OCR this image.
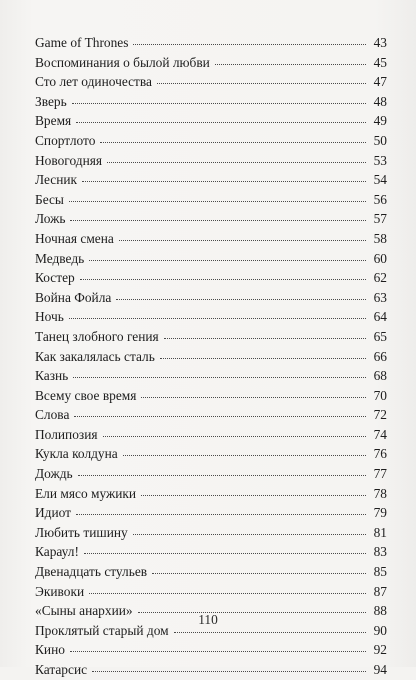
Game of Thrones	43
Воспоминания о былой любви	45
Сто лет одиночества	47
Зверь	48
Время	49
Спортлото	50
Новогодняя	53
Лесник	54
Бесы	56
Ложь	57
Ночная смена	58
Медведь	60
Костер	62
Война Фойла	63
Ночь	64
Танец злобного гения	65
Как закалялась сталь	66
Казнь	68
Всему свое время	70
Слова	72
Полипозия	74
Кукла колдуна	76
Дождь	77
Ели мясо мужики	78
Идиот	79
Любить тишину	81
Караул!	83
Двенадцать стульев	85
Экивоки	87
«Сыны анархии»	88
Проклятый старый дом	90
Кино	92
Катарсис	94
110
